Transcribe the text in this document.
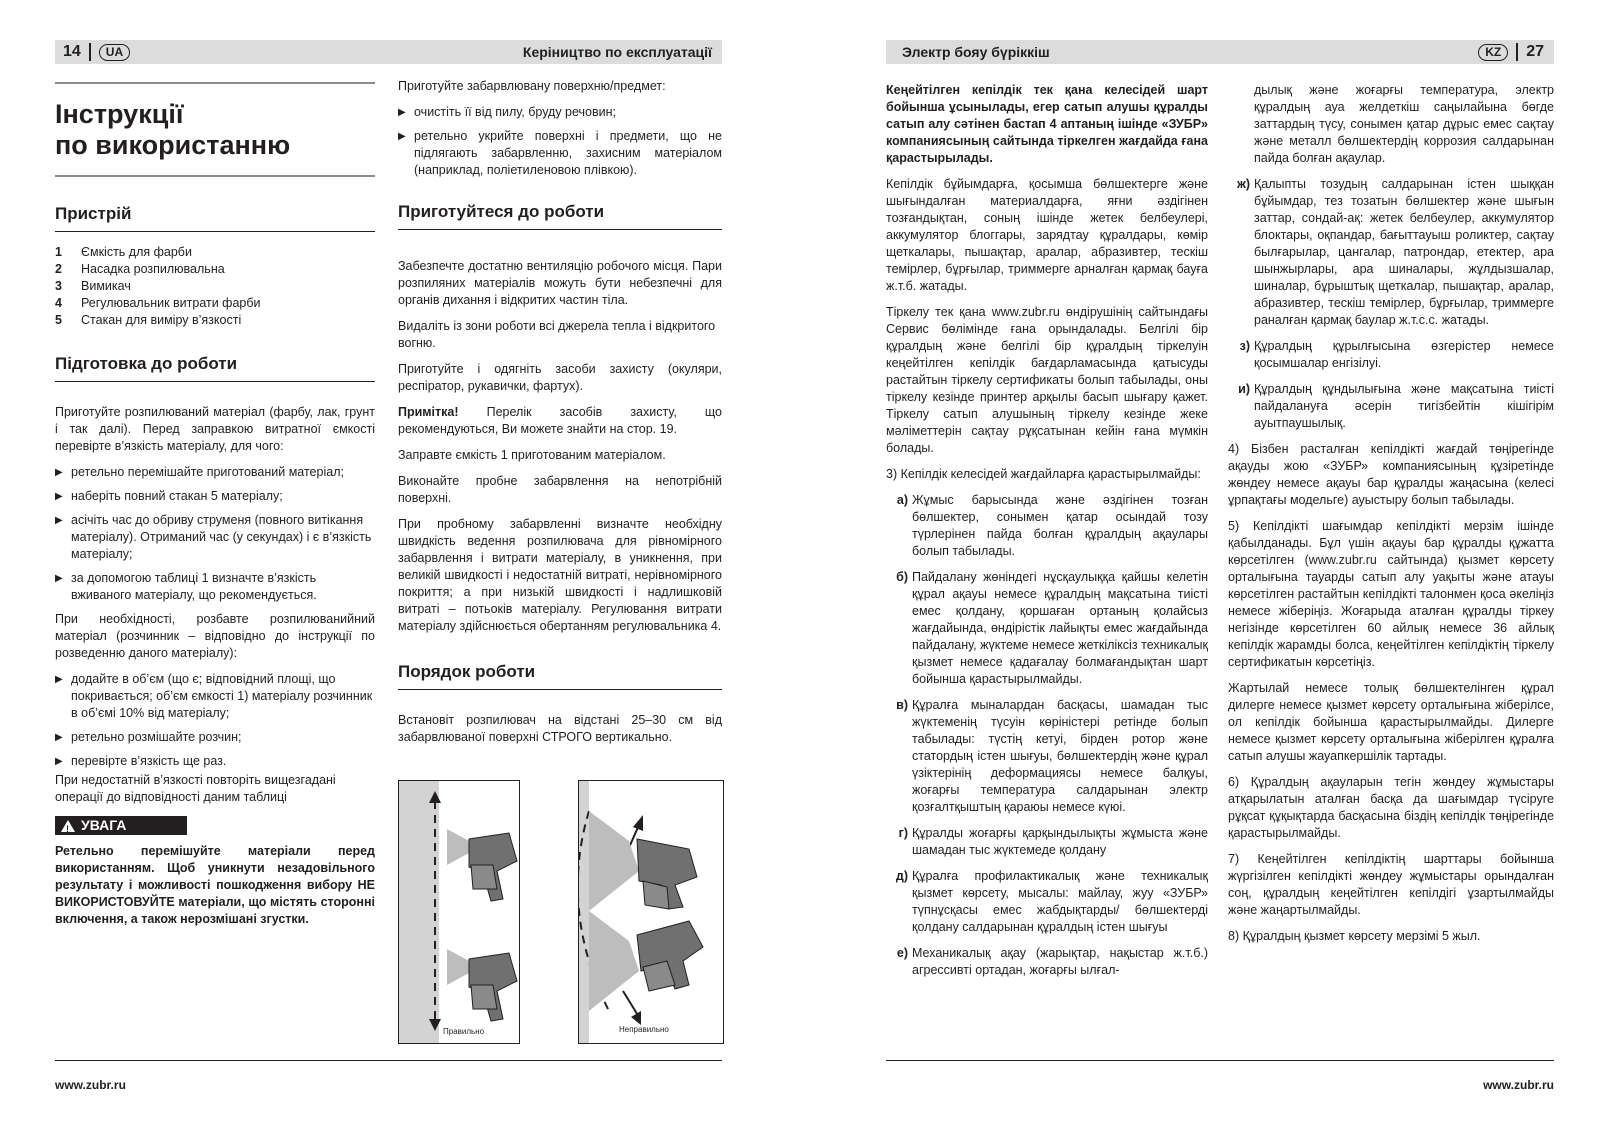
14	UA	Керіництво по експлуатації
Інструкції
по використанню
Пристрій
1	Ємкість для фарби
2	Насадка розпилювальна
3	Вимикач
4	Регулювальник витрати фарби
5	Стакан для виміру в’язкості
Підготовка до роботи

Приготуйте розпилюваний матеріал (фарбу, лак, грунт і так далі). Перед заправкою витратної ємкості перевірте в’язкість матеріалу, для чого:

▶ ретельно перемішайте приготований матеріал;
▶ наберіть повний стакан 5 матеріалу;
▶ асічіть час до обриву струменя (повного витікання матеріалу). Отриманий час (у секундах) і є в’язкість матеріалу;
▶ за допомогою таблиці 1 визначте в’язкість вживаного матеріалу, що рекомендується.

При необхідності, розбавте розпилюванийний матеріал (розчинник – відповідно до інструкції по розведенню даного матеріалу):

▶ додайте в об’єм (що є; відповідний площі, що покривається; об’єм ємкості 1) матеріалу розчинник в об’ємі 10% від матеріалу;
▶ ретельно розмішайте розчин;
▶ перевірте в’язкість ще раз.

При недостатній в’язкості повторіть вищезгадані операції до відповідності даним таблиці

!
УВАГА

Ретельно перемішуйте матеріали перед використанням. Щоб уникнути незадовільного результату і можливості пошкодження вибору НЕ ВИКОРИСТОВУЙТЕ матеріали, що містять сторонні включення, а також нерозмішані згустки.

Приготуйте забарвлювану поверхню/предмет:

▶ очистіть її від пилу, бруду речовин;
▶ ретельно укрийте поверхні і предмети, що не підлягають забарвленню, захисним матеріалом (наприклад, поліетиленовою плівкою).
Приготуйтеся до роботи

Забезпечте достатню вентиляцію робочого місця. Пари розпиляних матеріалів можуть бути небезпечні для органів дихання і відкритих частин тіла.

Видаліть із зони роботи всі джерела тепла і відкритого вогню.

Приготуйте і одягніть засоби захисту (окуляри, респіратор, рукавички, фартух).

Примітка! Перелік засобів захисту, що рекомендуються, Ви можете знайти на стор. 19.

Заправте ємкість 1 приготованим матеріалом.

Виконайте пробне забарвлення на непотрібній поверхні.

При пробному забарвленні визначте необхідну швидкість ведення розпилювача для рівномірного забарвлення і витрати матеріалу, в уникнення, при великій швидкості і недостатній витраті, нерівномірного покриття; а при низькій швидкості і надлишковій витраті – потьоків матеріалу. Регулювання витрати матеріалу здійснюється обертанням регулювальника 4.

Порядок роботи

Встановіт розпилювач на відстані 25–30 см від забарвлюваної поверхні СТРОГО вертикально.

Правильно	Неправильно
www.zubr.ru
Электр бояу бүріккіш	KZ	27

Кеңейтілген кепілдік тек қана келесідей шарт бойынша ұсынылады, егер сатып алушы құралды сатып алу сәтінен бастап 4 аптаның ішінде «ЗУБР» компаниясының сайтында тіркелген жағдайда ғана қарастырылады.

Кепілдік бұйымдарға, қосымша бөлшектерге және шығындалған материалдарға, яғни әздігінен тозғандықтан, соның ішінде жетек белбеулері, аккумулятор блоггары, зарядтау құралдары, көмір щеткалары, пышақтар, аралар, абразивтер, тескіш темірлер, бұрғылар, триммерге арналған қармақ бауға ж.т.б. жатады.

Тіркелу тек қана www.zubr.ru өндірушінің сайтындағы Сервис бөлімінде ғана орындалады. Белгілі бір құралдың және белгілі бір құралдың тіркелуін кеңейтілген кепілдік бағдарламасында қатысуды растайтын тіркелу сертификаты болып табылады, оны тіркелу кезінде принтер арқылы басып шығару қажет. Тіркелу сатып алушының тіркелу кезінде жеке мәліметтерін сақтау рұқсатынан кейін ғана мүмкін болады.

3) Кепілдік келесідей жағдайларға қарастырылмайды:

а) Жұмыс барысында және әздігінен тозған бөлшектер, сонымен қатар осындай тозу түрлерінен пайда болған құралдың ақаулары болып табылады.
б) Пайдалану жөніндегі нұсқаулыққа қайшы келетін құрал ақауы немесе құралдың мақсатына тиісті емес қолдану, қоршаған ортаның қолайсыз жағдайында, өндірістік лайықты емес жағдайында пайдалану, жүктеме немесе жеткіліксіз техникалық қызмет немесе қадағалау болмағандықтан шарт бойынша қарастырылмайды.
в) Құралға мыналардан басқасы, шамадан тыс жүктеменің түсуін көріністері ретінде болып табылады: түстің кетуі, бірден ротор және статордың істен шығуы, бөлшектердің және құрал үзіктерінің деформациясы немесе балқуы, жоғарғы температура салдарынан электр қозғалтқыштың қараюы немесе күюі.
г) Құралды жоғарғы қарқындылықты жұмыста және шамадан тыс жүктемеде қолдану
д) Құралға профилактикалық және техникалық қызмет көрсету, мысалы: майлау, жуу «ЗУБР» түпнұсқасы емес жабдықтарды/ бөлшектерді қолдану салдарынан құралдың істен шығуы
е) Механикалық ақау (жарықтар, нақыстар ж.т.б.) агрессивті ортадан, жоғарғы ылғал-

дылық және жоғарғы температура, электр құралдың ауа желдеткіш саңылайына бөгде заттардың түсу, сонымен қатар дұрыс емес сақтау және металл бөлшектердің коррозия салдарынан пайда болған ақаулар.

ж) Қалыпты тозудың салдарынан істен шыққан бұйымдар, тез тозатын бөлшектер және шығын заттар, сондай-ақ: жетек белбеулер, аккумулятор блоктары, оқпандар, бағыттауыш роликтер, сақтау былғарылар, цангалар, патрондар, етектер, ара шынжырлары, ара шиналары, жұлдызшалар, шиналар, бұрыштық щеткалар, пышақтар, аралар, абразивтер, тескіш темірлер, бұрғылар, триммерге раналған қармақ баулар ж.т.с.с. жатады.
з) Құралдың құрылғысына өзгерістер немесе қосымшалар енгізілуі.
и) Құралдың құндылығына және мақсатына тиісті пайдалануға әсерін тигізбейтін кішігірім ауытпаушылық.

4) Бізбен расталған кепілдікті жағдай төңірегінде ақауды жою «ЗУБР» компаниясының құзіретінде жөндеу немесе ақауы бар құралды жаңасына (келесі ұрпақтағы модельге) ауыстыру болып табылады.

5) Кепілдікті шағымдар кепілдікті мерзім ішінде қабылданады. Бұл үшін ақауы бар құралды құжатта көрсетілген (www.zubr.ru сайтында) қызмет көрсету орталығына тауарды сатып алу уақыты және атауы көрсетілген растайтын кепілдікті талонмен қоса әкеліңіз немесе жіберіңіз. Жоғарыда аталған құралды тіркеу негізінде көрсетілген 60 айлық немесе 36 айлық кепілдік жарамды болса, кеңейтілген кепілдіктің тіркелу сертификатын көрсетіңіз.

Жартылай немесе толық бөлшектелінген құрал дилерге немесе қызмет көрсету орталығына жіберілсе, ол кепілдік бойынша қарастырылмайды. Дилерге немесе қызмет көрсету орталығына жіберілген құралға сатып алушы жауапкершілік тартады.

6) Құралдың ақауларын тегін жөндеу жұмыстары атқарылатын аталған басқа да шағымдар түсіруге рұқсат құқықтарда басқасына біздің кепілдік төңірегінде қарастырылмайды.

7) Кеңейтілген кепілдіктің шарттары бойынша жүргізілген кепілдікті жөндеу жұмыстары орындалған соң, құралдың кеңейтілген кепілдігі ұзартылмайды және жаңартылмайды.

8) Құралдың қызмет көрсету мерзімі 5 жыл.

www.zubr.ru
